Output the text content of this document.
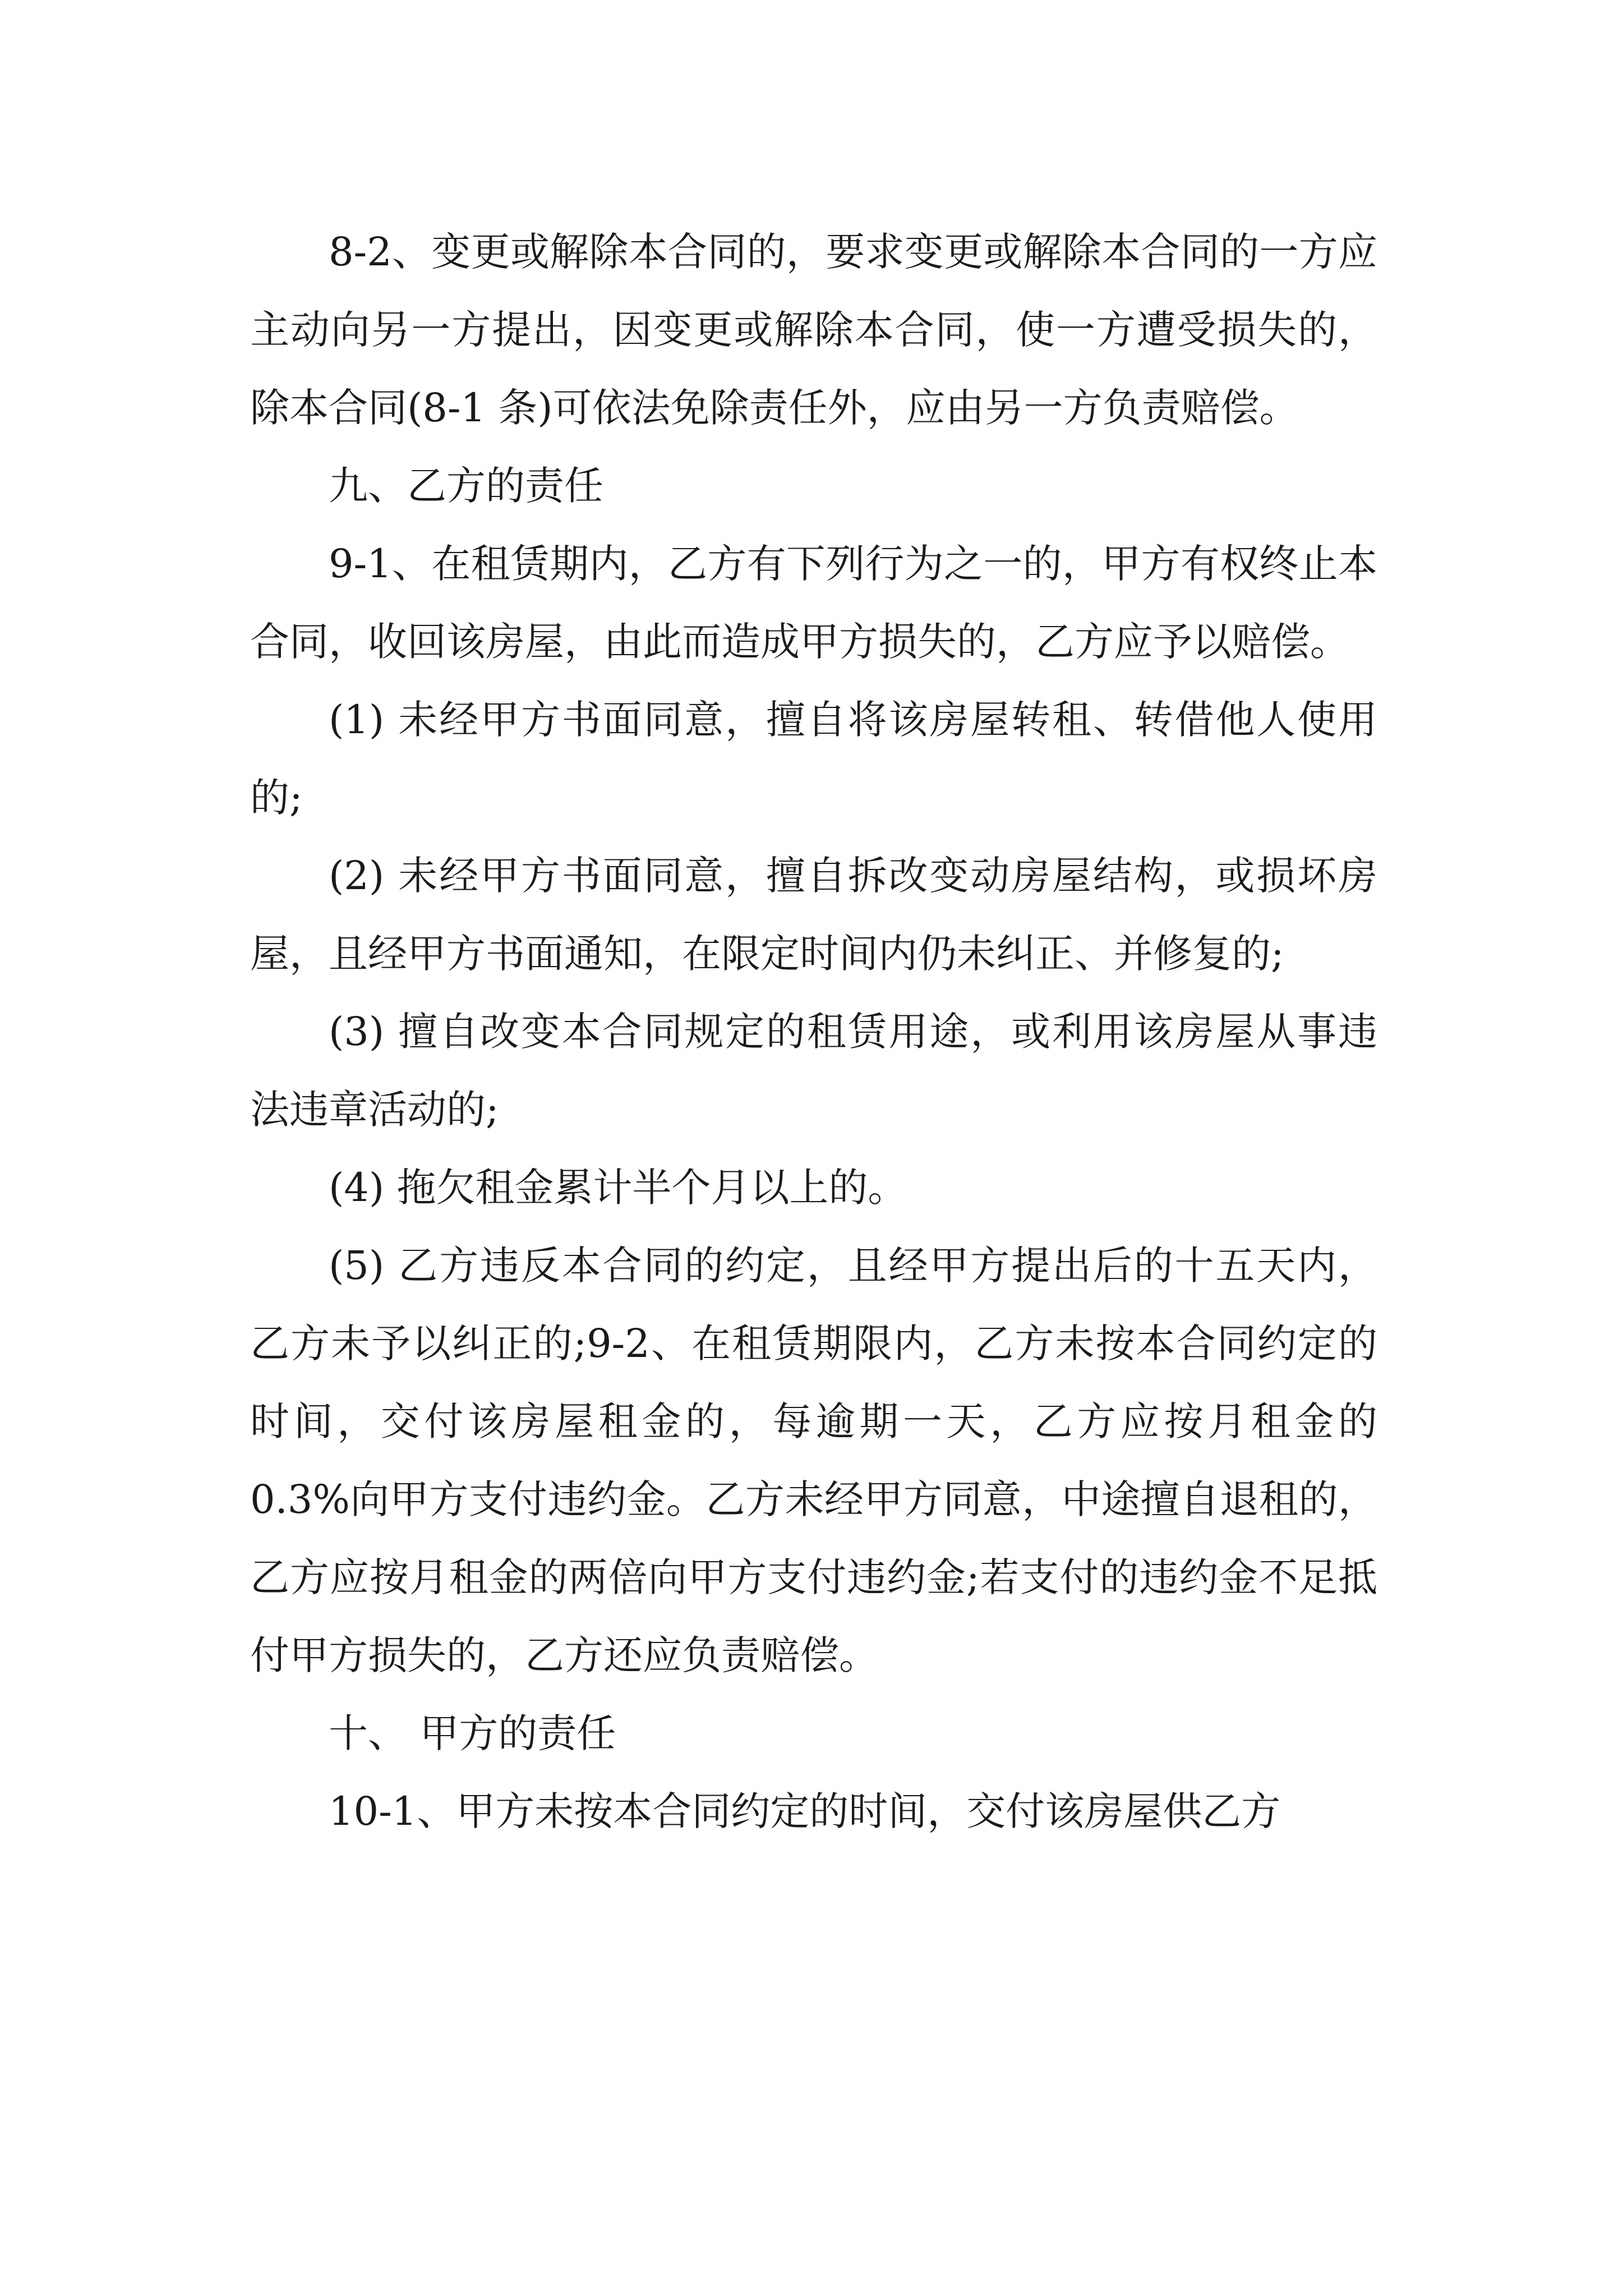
8-2、变更或解除本合同的，要求变更或解除本合同的一方应主动向另一方提出，因变更或解除本合同，使一方遭受损失的，除本合同(8-1 条)可依法免除责任外，应由另一方负责赔偿。

九、乙方的责任

9-1、在租赁期内，乙方有下列行为之一的，甲方有权终止本合同，收回该房屋，由此而造成甲方损失的，乙方应予以赔偿。

(1) 未经甲方书面同意，擅自将该房屋转租、转借他人使用的;

(2) 未经甲方书面同意，擅自拆改变动房屋结构，或损坏房屋，且经甲方书面通知，在限定时间内仍未纠正、并修复的;

(3) 擅自改变本合同规定的租赁用途，或利用该房屋从事违法违章活动的;

(4) 拖欠租金累计半个月以上的。

(5) 乙方违反本合同的约定，且经甲方提出后的十五天内，乙方未予以纠正的;9-2、在租赁期限内，乙方未按本合同约定的时间，交付该房屋租金的，每逾期一天，乙方应按月租金的 0.3%向甲方支付违约金。乙方未经甲方同意，中途擅自退租的，乙方应按月租金的两倍向甲方支付违约金;若支付的违约金不足抵付甲方损失的，乙方还应负责赔偿。

十、 甲方的责任

10-1、甲方未按本合同约定的时间，交付该房屋供乙方
